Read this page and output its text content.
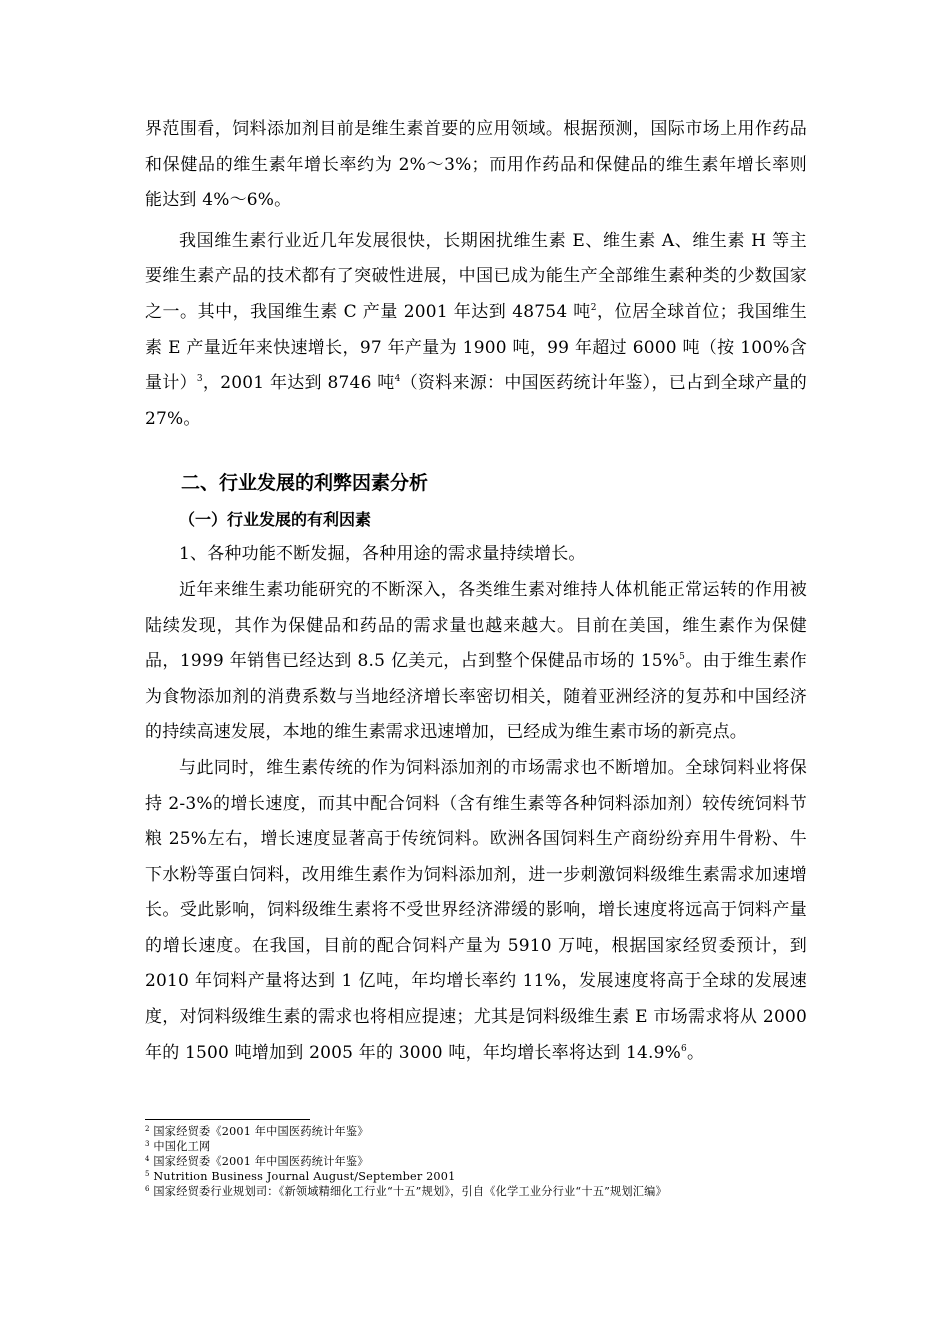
界范围看，饲料添加剂目前是维生素首要的应用领域。根据预测，国际市场上用作药品和保健品的维生素年增长率约为 2%～3%；而用作药品和保健品的维生素年增长率则能达到 4%～6%。

我国维生素行业近几年发展很快，长期困扰维生素 E、维生素 A、维生素 H 等主要维生素产品的技术都有了突破性进展，中国已成为能生产全部维生素种类的少数国家之一。其中，我国维生素 C 产量 2001 年达到 48754 吨$^2$，位居全球首位；我国维生素 E 产量近年来快速增长，97 年产量为 1900 吨，99 年超过 6000 吨（按 100%含量计）$^3$，2001 年达到 8746 吨$^4$（资料来源：中国医药统计年鉴），已占到全球产量的 27%。

二、行业发展的利弊因素分析
（一）行业发展的有利因素

1、各种功能不断发掘，各种用途的需求量持续增长。

近年来维生素功能研究的不断深入，各类维生素对维持人体机能正常运转的作用被陆续发现，其作为保健品和药品的需求量也越来越大。目前在美国，维生素作为保健品，1999 年销售已经达到 8.5 亿美元，占到整个保健品市场的 15%$^5$。由于维生素作为食物添加剂的消费系数与当地经济增长率密切相关，随着亚洲经济的复苏和中国经济的持续高速发展，本地的维生素需求迅速增加，已经成为维生素市场的新亮点。

与此同时，维生素传统的作为饲料添加剂的市场需求也不断增加。全球饲料业将保持 2-3%的增长速度，而其中配合饲料（含有维生素等各种饲料添加剂）较传统饲料节粮 25%左右，增长速度显著高于传统饲料。欧洲各国饲料生产商纷纷弃用牛骨粉、牛下水粉等蛋白饲料，改用维生素作为饲料添加剂，进一步刺激饲料级维生素需求加速增长。受此影响，饲料级维生素将不受世界经济滞缓的影响，增长速度将远高于饲料产量的增长速度。在我国，目前的配合饲料产量为 5910 万吨，根据国家经贸委预计，到 2010 年饲料产量将达到 1 亿吨，年均增长率约 11%，发展速度将高于全球的发展速度，对饲料级维生素的需求也将相应提速；尤其是饲料级维生素 E 市场需求将从 2000 年的 1500 吨增加到 2005 年的 3000 吨，年均增长率将达到 14.9%$^6$。

$^2$ 国家经贸委《2001 年中国医药统计年鉴》

$^3$ 中国化工网

$^4$ 国家经贸委《2001 年中国医药统计年鉴》

$^5$ Nutrition Business Journal August/September 2001

$^6$ 国家经贸委行业规划司：《新领域精细化工行业“十五”规划》，引自《化学工业分行业“十五”规划汇编》
